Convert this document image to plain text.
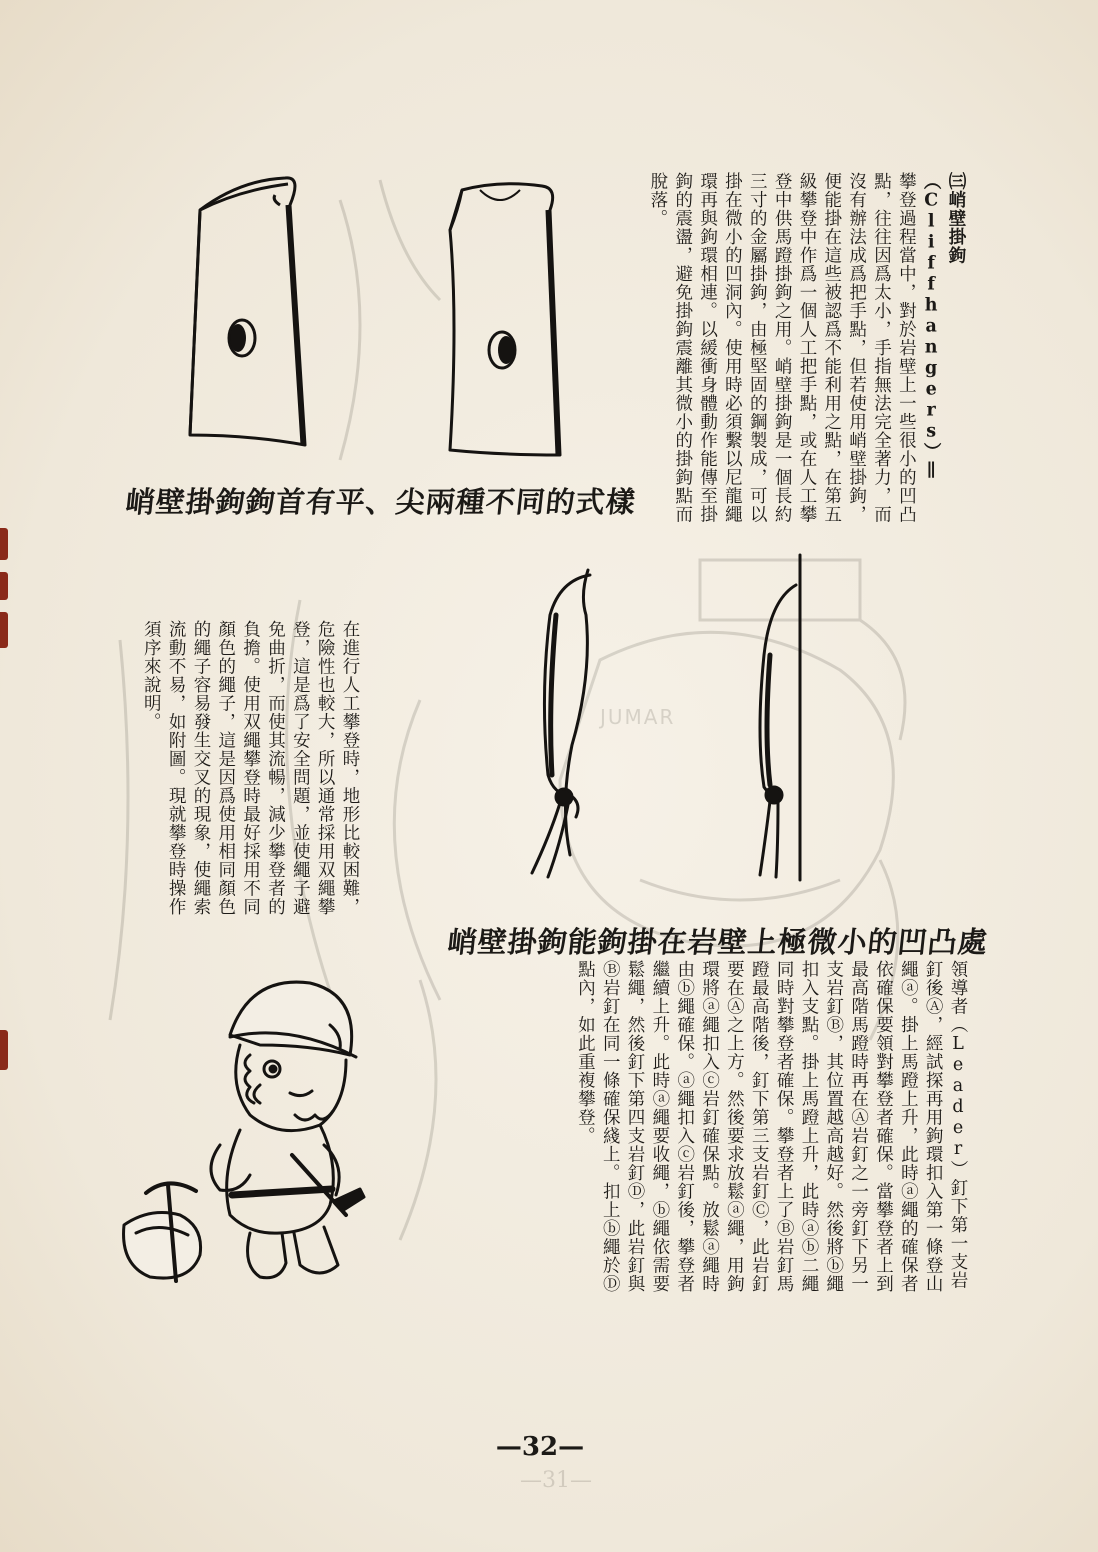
JUMAR
—31—

㈢峭壁掛鉤（Cliffhangers）∥

攀登過程當中，對於岩壁上一些很小的凹凸點，往往因爲太小，手指無法完全著力，而沒有辦法成爲把手點，但若使用峭壁掛鉤，便能掛在這些被認爲不能利用之點，在第五級攀登中作爲一個人工把手點，或在人工攀登中供馬蹬掛鉤之用。峭壁掛鉤是一個長約三寸的金屬掛鉤，由極堅固的鋼製成，可以掛在微小的凹洞內。使用時必須繫以尼龍繩環再與鉤環相連。以緩衝身體動作能傳至掛鉤的震盪，避免掛鉤震離其微小的掛鉤點而脫落。

峭壁掛鉤鉤首有平、尖兩種不同的式樣

在進行人工攀登時，地形比較困難，危險性也較大，所以通常採用双繩攀登，這是爲了安全問題，並使繩子避免曲折，而使其流暢，減少攀登者的負擔。使用双繩攀登時最好採用不同顏色的繩子，這是因爲使用相同顏色的繩子容易發生交叉的現象，使繩索流動不易，如附圖。現就攀登時操作須序來說明。

峭壁掛鉤能鉤掛在岩壁上極微小的凹凸處

領導者（Leader）釘下第一支岩釘後Ⓐ，經試探再用鉤環扣入第一條登山繩ⓐ。掛上馬蹬上升，此時ⓐ繩的確保者依確保要領對攀登者確保。當攀登者上到最高階馬蹬時再在Ⓐ岩釘之一旁釘下另一支岩釘Ⓑ，其位置越高越好。然後將ⓑ繩扣入支點。掛上馬蹬上升，此時ⓐⓑ二繩同時對攀登者確保。攀登者上了Ⓑ岩釘馬蹬最高階後，釘下第三支岩釘Ⓒ，此岩釘要在Ⓐ之上方。然後要求放鬆ⓐ繩，用鉤環將ⓐ繩扣入ⓒ岩釘確保點。放鬆ⓐ繩時由ⓑ繩確保。ⓐ繩扣入ⓒ岩釘後，攀登者繼續上升。此時ⓐ繩要收繩，ⓑ繩依需要鬆繩，然後釘下第四支岩釘Ⓓ，此岩釘與Ⓑ岩釘在同一條確保綫上。扣上ⓑ繩於Ⓓ點內，如此重複攀登。

—32—
